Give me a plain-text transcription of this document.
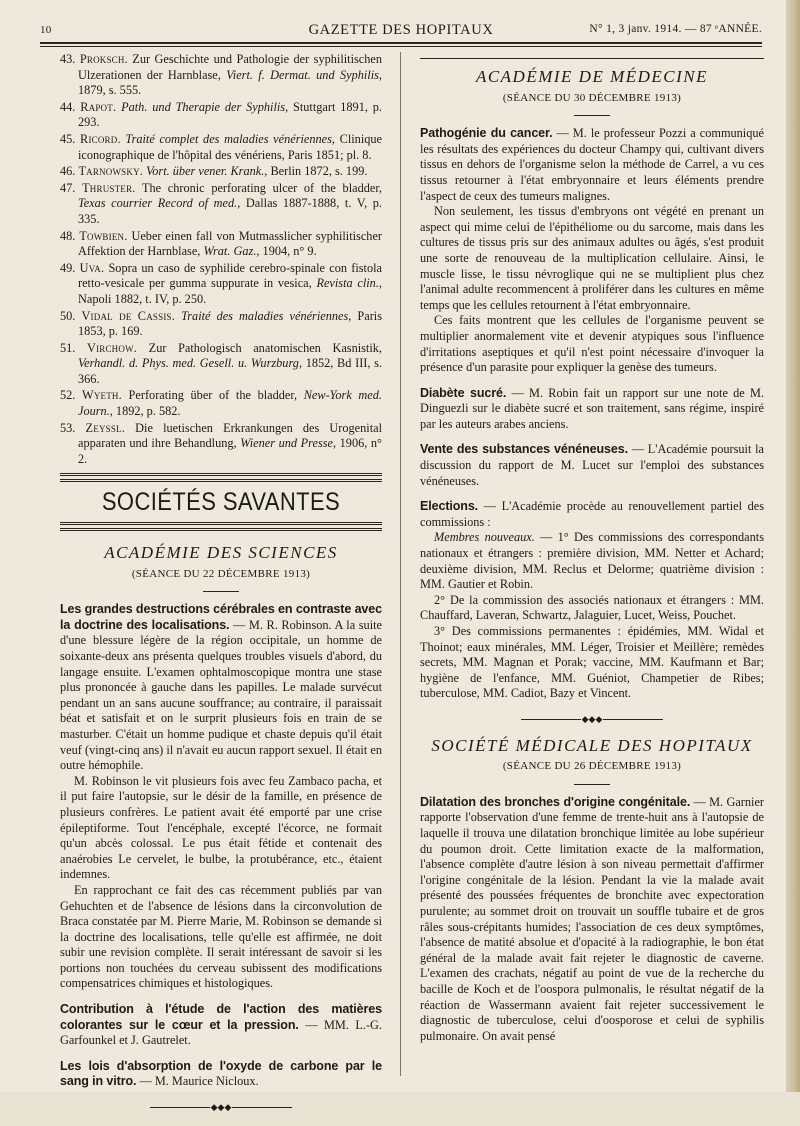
10	GAZETTE DES HOPITAUX	N° 1, 3 janv. 1914. — 87 ᵉANNÉE.

43. Proksch. Zur Geschichte und Pathologie der syphilitischen Ulzerationen der Harnblase, Viert. f. Dermat. und Syphilis, 1879, s. 555.

44. Rapot. Path. und Therapie der Syphilis, Stuttgart 1891, p. 293.

45. Ricord. Traité complet des maladies vénériennes, Clinique iconographique de l'hôpital des vénériens, Paris 1851; pl. 8.

46. Tarnowsky. Vort. über vener. Krank., Berlin 1872, s. 199.

47. Thruster. The chronic perforating ulcer of the bladder, Texas courrier Record of med., Dallas 1887-1888, t. V, p. 335.

48. Towbien. Ueber einen fall von Mutmasslicher syphilitischer Affektion der Harnblase, Wrat. Gaz., 1904, n° 9.

49. Uva. Sopra un caso de syphilide cerebro-spinale con fistola retto-vesicale per gumma suppurate in vesica, Revista clin., Napoli 1882, t. IV, p. 250.

50. Vidal de Cassis. Traité des maladies vénériennes, Paris 1853, p. 169.

51. Virchow. Zur Pathologisch anatomischen Kasnistik, Verhandl. d. Phys. med. Gesell. u. Wurzburg, 1852, Bd III, s. 366.

52. Wyeth. Perforating über of the bladder, New-York med. Journ., 1892, p. 582.

53. Zeyssl. Die luetischen Erkrankungen des Urogenital apparaten und ihre Behandlung, Wiener und Presse, 1906, n° 2.

SOCIÉTÉS SAVANTES
ACADÉMIE DES SCIENCES
(SÉANCE DU 22 DÉCEMBRE 1913)

Les grandes destructions cérébrales en contraste avec la doctrine des localisations. — M. R. Robinson. A la suite d'une blessure légère de la région occipitale, un homme de soixante-deux ans présenta quelques troubles visuels d'abord, du langage ensuite. L'examen ophtalmoscopique montra une stase plus prononcée à gauche dans les papilles. Le malade survécut pendant un an sans aucune souffrance; au contraire, il paraissait béat et satisfait et on le surprit plusieurs fois en train de se masturber. C'était un homme pudique et chaste depuis qu'il était veuf (vingt-cinq ans) il n'avait eu aucun rapport sexuel. Il était en outre hémophile.

M. Robinson le vit plusieurs fois avec feu Zambaco pacha, et il put faire l'autopsie, sur le désir de la famille, en présence de plusieurs confrères. Le patient avait été emporté par une crise épileptiforme. Tout l'encéphale, excepté l'écorce, ne formait qu'un abcès colossal. Le pus était fétide et contenait des anaérobies Le cervelet, le bulbe, la protubérance, etc., étaient indemnes.

En rapprochant ce fait des cas récemment publiés par van Gehuchten et de l'absence de lésions dans la circonvolution de Braca constatée par M. Pierre Marie, M. Robinson se demande si la doctrine des localisations, telle qu'elle est affirmée, ne doit subir une revision complète. Il serait intéressant de savoir si les portions non touchées du cerveau subissent des modifications compensatrices chimiques et histologiques.

Contribution à l'étude de l'action des matières colorantes sur le cœur et la pression. — MM. L.-G. Garfounkel et J. Gautrelet.

Les lois d'absorption de l'oxyde de carbone par le sang in vitro. — M. Maurice Nicloux.

◆◆◆
ACADÉMIE DE MÉDECINE
(SÉANCE DU 30 DÉCEMBRE 1913)

Pathogénie du cancer. — M. le professeur Pozzi a communiqué les résultats des expériences du docteur Champy qui, cultivant divers tissus en dehors de l'organisme selon la méthode de Carrel, a vu ces tissus retourner à l'état embryonnaire et leurs éléments prendre l'aspect de ceux des tumeurs malignes.

Non seulement, les tissus d'embryons ont végété en prenant un aspect qui mime celui de l'épithéliome ou du sarcome, mais dans les cultures de tissus pris sur des animaux adultes ou âgés, s'est produit une sorte de renouveau de la multiplication cellulaire. Ainsi, le muscle lisse, le tissu névroglique qui ne se multiplient plus chez l'animal adulte recommencent à proliférer dans les cultures en même temps que les cellules retournent à l'état embryonnaire.

Ces faits montrent que les cellules de l'organisme peuvent se multiplier anormalement vite et devenir atypiques sous l'influence d'irritations aseptiques et qu'il n'est point nécessaire d'invoquer la présence d'un parasite pour expliquer la genèse des tumeurs.

Diabète sucré. — M. Robin fait un rapport sur une note de M. Dinguezli sur le diabète sucré et son traitement, sans régime, inspiré par les auteurs arabes anciens.

Vente des substances vénéneuses. — L'Académie poursuit la discussion du rapport de M. Lucet sur l'emploi des substances vénéneuses.

Elections. — L'Académie procède au renouvellement partiel des commissions :

Membres nouveaux. — 1° Des commissions des correspondants nationaux et étrangers : première division, MM. Netter et Achard; deuxième division, MM. Reclus et Delorme; quatrième division : MM. Gautier et Robin.

2° De la commission des associés nationaux et étrangers : MM. Chauffard, Laveran, Schwartz, Jalaguier, Lucet, Weiss, Pouchet.

3° Des commissions permanentes : épidémies, MM. Widal et Thoinot; eaux minérales, MM. Léger, Troisier et Meillère; remèdes secrets, MM. Magnan et Porak; vaccine, MM. Kaufmann et Bar; hygiène de l'enfance, MM. Guéniot, Champetier de Ribes; tuberculose, MM. Cadiot, Bazy et Vincent.

◆◆◆
SOCIÉTÉ MÉDICALE DES HOPITAUX
(SÉANCE DU 26 DÉCEMBRE 1913)

Dilatation des bronches d'origine congénitale. — M. Garnier rapporte l'observation d'une femme de trente-huit ans à l'autopsie de laquelle il trouva une dilatation bronchique limitée au lobe supérieur du poumon droit. Cette limitation exacte de la malformation, l'absence complète d'autre lésion à son niveau permettait d'affirmer l'origine congénitale de la lésion. Pendant la vie la malade avait présenté des poussées fréquentes de bronchite avec expectoration purulente; au sommet droit on trouvait un souffle tubaire et de gros râles sous-crépitants humides; l'association de ces deux symptômes, l'absence de matité absolue et d'opacité à la radiographie, le bon état général de la malade avait fait rejeter le diagnostic de caverne. L'examen des crachats, négatif au point de vue de la recherche du bacille de Koch et de l'oospora pulmonalis, le résultat négatif de la réaction de Wassermann avaient fait rejeter successivement le diagnostic de tuberculose, celui d'oosporose et celui de syphilis pulmonaire. On avait pensé
